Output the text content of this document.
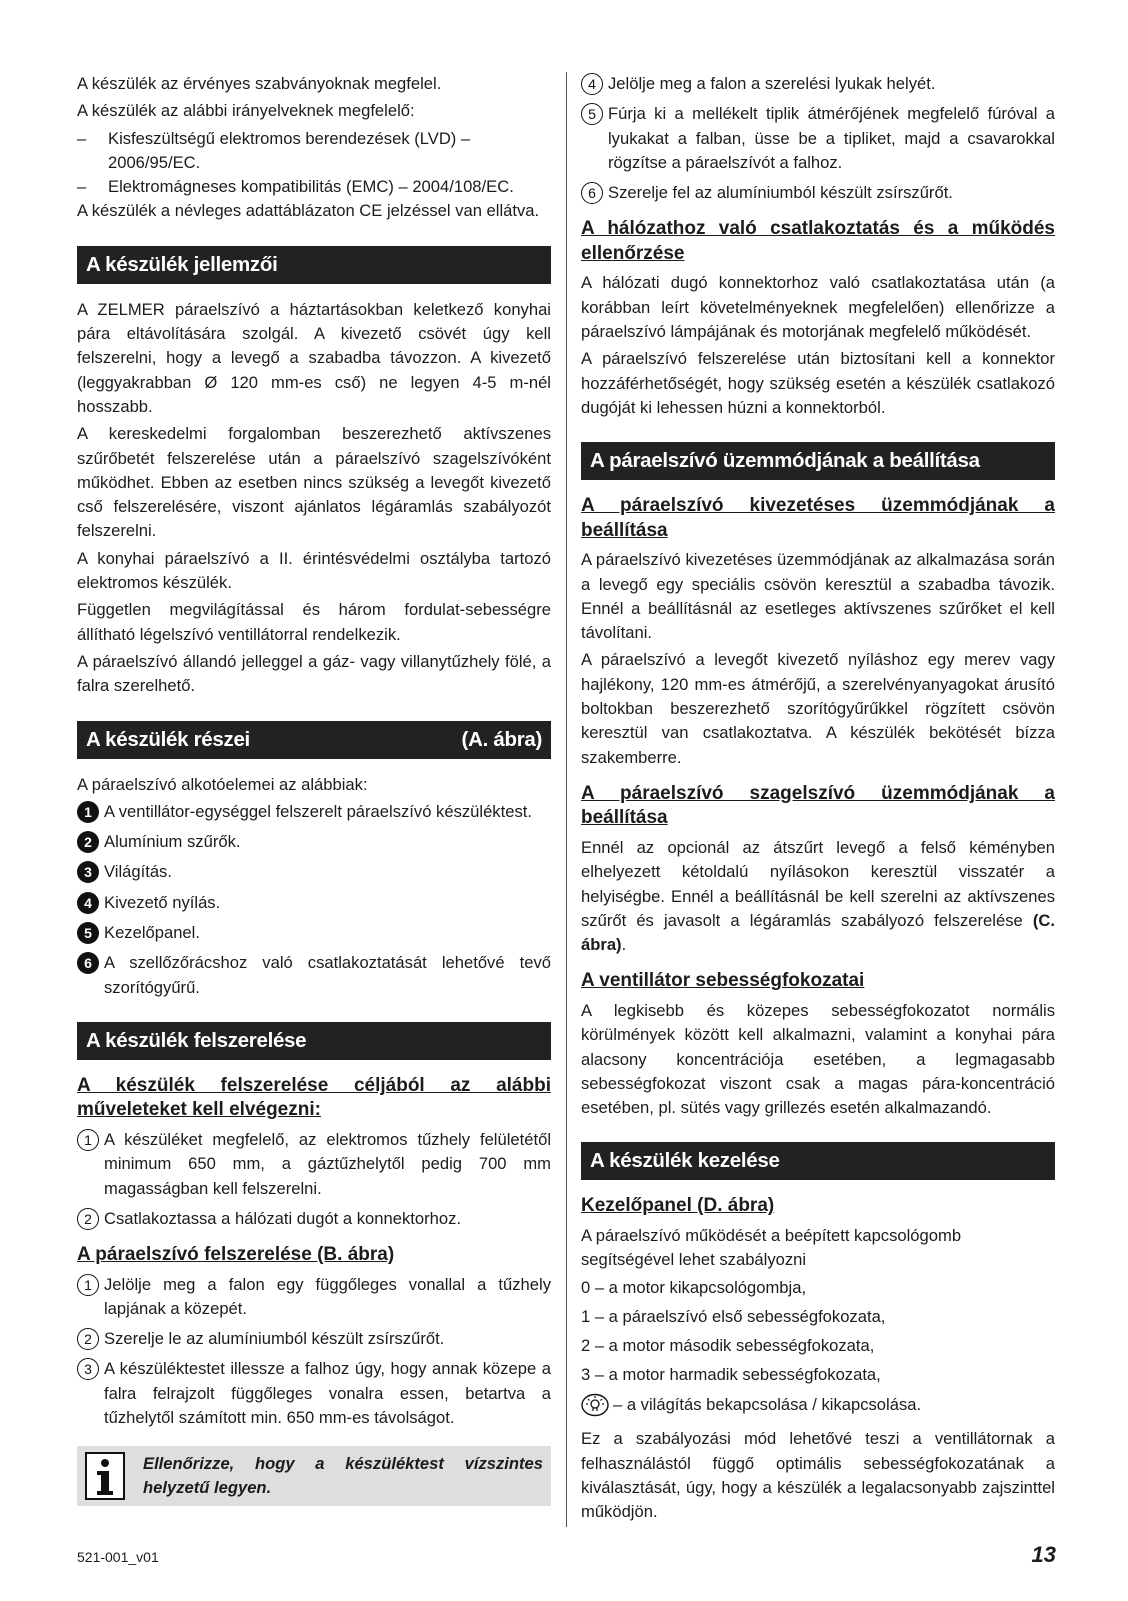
A készülék az érvényes szabványoknak megfelel.

A készülék az alábbi irányelveknek megfelelő:

–	Kisfeszültségű elektromos berendezések (LVD) – 2006/95/EC.
–	Elektromágneses kompatibilitás (EMC) – 2004/108/EC.

A készülék a névleges adattáblázaton CE jelzéssel van ellátva.

A készülék jellemzői

A ZELMER páraelszívó a háztartásokban keletkező konyhai pára eltávolítására szolgál. A kivezető csövét úgy kell felszerelni, hogy a levegő a szabadba távozzon. A kivezető (leggyakrabban Ø 120 mm-es cső) ne legyen 4-5 m-nél hosszabb.

A kereskedelmi forgalomban beszerezhető aktívszenes szűrőbetét felszerelése után a páraelszívó szagelszívóként működhet. Ebben az esetben nincs szükség a levegőt kivezető cső felszerelésére, viszont ajánlatos légáramlás szabályozót felszerelni.

A konyhai páraelszívó a II. érintésvédelmi osztályba tartozó elektromos készülék.

Független megvilágítással és három fordulat-sebességre állítható légelszívó ventillátorral rendelkezik.

A páraelszívó állandó jelleggel a gáz- vagy villanytűzhely fölé, a falra szerelhető.

A készülék részei	(A. ábra)

A páraelszívó alkotóelemei az alábbiak:

1 A ventillátor-egységgel felszerelt páraelszívó készüléktest.
2 Alumínium szűrők.
3 Világítás.
4 Kivezető nyílás.
5 Kezelőpanel.
6 A szellőzőrácshoz való csatlakoztatását lehetővé tevő szorítógyűrű.
A készülék felszerelése
A készülék felszerelése céljából az alábbi műveleteket kell elvégezni:
1 A készüléket megfelelő, az elektromos tűzhely felületétől minimum 650 mm, a gáztűzhelytől pedig 700 mm magasságban kell felszerelni.
2 Csatlakoztassa a hálózati dugót a konnektorhoz.
A páraelszívó felszerelése (B. ábra)
1 Jelölje meg a falon egy függőleges vonallal a tűzhely lapjának a közepét.
2 Szerelje le az alumíniumból készült zsírszűrőt.
3 A készüléktestet illessze a falhoz úgy, hogy annak közepe a falra felrajzolt függőleges vonalra essen, betartva a tűzhelytől számított min. 650 mm-es távolságot.
Ellenőrizze, hogy a készüléktest vízszintes helyzetű legyen.
4 Jelölje meg a falon a szerelési lyukak helyét.
5 Fúrja ki a mellékelt tiplik átmérőjének megfelelő fúróval a lyukakat a falban, üsse be a tipliket, majd a csavarokkal rögzítse a páraelszívót a falhoz.
6 Szerelje fel az alumíniumból készült zsírszűrőt.
A hálózathoz való csatlakoztatás és a működés ellenőrzése

A hálózati dugó konnektorhoz való csatlakoztatása után (a korábban leírt követelményeknek megfelelően) ellenőrizze a páraelszívó lámpájának és motorjának megfelelő működését.

A páraelszívó felszerelése után biztosítani kell a konnektor hozzáférhetőségét, hogy szükség esetén a készülék csatlakozó dugóját ki lehessen húzni a konnektorból.

A páraelszívó üzemmódjának a beállítása
A páraelszívó kivezetéses üzemmódjának a beállítása

A páraelszívó kivezetéses üzemmódjának az alkalmazása során a levegő egy speciális csövön keresztül a szabadba távozik. Ennél a beállításnál az esetleges aktívszenes szűrőket el kell távolítani.

A páraelszívó a levegőt kivezető nyíláshoz egy merev vagy hajlékony, 120 mm-es átmérőjű, a szerelvényanyagokat árusító boltokban beszerezhető szorítógyűrűkkel rögzített csövön keresztül van csatlakoztatva. A készülék bekötését bízza szakemberre.

A páraelszívó szagelszívó üzemmódjának a beállítása

Ennél az opcionál az átszűrt levegő a felső kéményben elhelyezett kétoldalú nyílásokon keresztül visszatér a helyiségbe. Ennél a beállításnál be kell szerelni az aktívszenes szűrőt és javasolt a légáramlás szabályozó felszerelése (C. ábra).

A ventillátor sebességfokozatai

A legkisebb és közepes sebességfokozatot normális körülmények között kell alkalmazni, valamint a konyhai pára alacsony koncentrációja esetében, a legmagasabb sebességfokozat viszont csak a magas pára-koncentráció esetében, pl. sütés vagy grillezés esetén alkalmazandó.

A készülék kezelése
Kezelőpanel (D. ábra)

A páraelszívó működését a beépített kapcsológomb segítségével lehet szabályozni

0 – a motor kikapcsológombja,
1 – a páraelszívó első sebességfokozata,
2 – a motor második sebességfokozata,
3 – a motor harmadik sebességfokozata,
– a világítás bekapcsolása / kikapcsolása.

Ez a szabályozási mód lehetővé teszi a ventillátornak a felhasználástól függő optimális sebességfokozatának a kiválasztását, úgy, hogy a készülék a legalacsonyabb zajszinttel működjön.

521-001_v01	13
